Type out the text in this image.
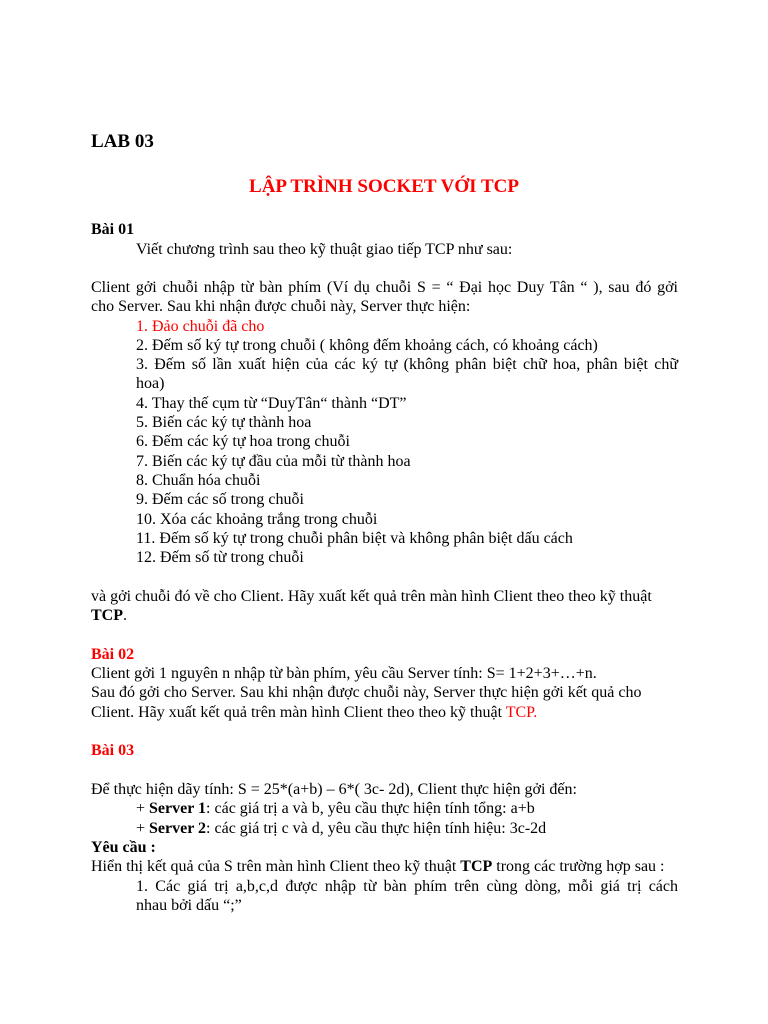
LAB 03
LẬP TRÌNH SOCKET VỚI TCP
Bài 01
Viết chương trình sau theo kỹ thuật giao tiếp TCP như sau:
Client gởi chuỗi nhập từ bàn phím (Ví dụ chuỗi S = “ Đại học Duy Tân “ ), sau đó gởi
cho Server. Sau khi nhận được chuỗi này, Server thực hiện:
1. Đảo chuỗi đã cho
2. Đếm số ký tự trong chuỗi ( không đếm khoảng cách, có khoảng cách)
3. Đếm số lần xuất hiện của các ký tự (không phân biệt chữ hoa, phân biệt chữ
hoa)
4. Thay thế cụm từ “DuyTân“ thành “DT”
5. Biến các ký tự thành hoa
6. Đếm các ký tự hoa trong chuỗi
7. Biến các ký tự đầu của mỗi từ thành hoa
8. Chuẩn hóa chuỗi
9. Đếm các số trong chuỗi
10. Xóa các khoảng trắng trong chuỗi
11. Đếm số ký tự trong chuỗi phân biệt và không phân biệt dấu cách
12. Đếm số từ trong chuỗi
và gởi chuỗi đó về cho Client. Hãy xuất kết quả trên màn hình Client theo theo kỹ thuật
TCP.
Bài 02
Client gởi 1 nguyên n nhập từ bàn phím, yêu cầu Server tính: S= 1+2+3+…+n.
Sau đó gởi cho Server. Sau khi nhận được chuỗi này, Server thực hiện gởi kết quả cho
Client. Hãy xuất kết quả trên màn hình Client theo theo kỹ thuật TCP.
Bài 03
Để thực hiện dãy tính: S = 25*(a+b) – 6*( 3c- 2d), Client thực hiện gởi đến:
+ Server 1: các giá trị a và b, yêu cầu thực hiện tính tổng: a+b
+ Server 2: các giá trị c và d, yêu cầu thực hiện tính hiệu: 3c-2d
Yêu cầu :
Hiển thị kết quả của S trên màn hình Client theo kỹ thuật TCP trong các trường hợp sau :
1. Các giá trị a,b,c,d được nhập từ bàn phím trên cùng dòng, mỗi giá trị cách
nhau bởi dấu “;”
